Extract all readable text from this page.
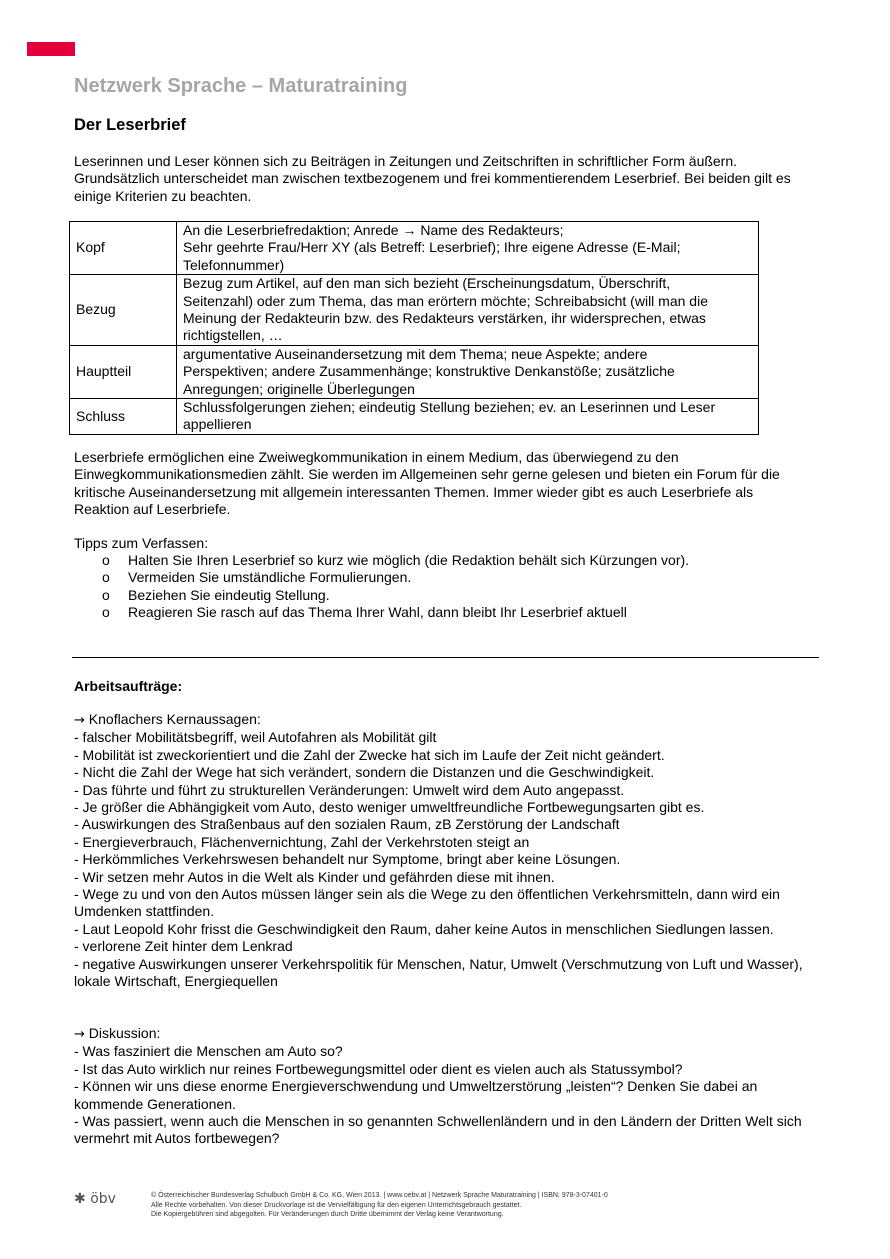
Netzwerk Sprache – Maturatraining
Der Leserbrief
Leserinnen und Leser können sich zu Beiträgen in Zeitungen und Zeitschriften in schriftlicher Form äußern. Grundsätzlich unterscheidet man zwischen textbezogenem und frei kommentierendem Leserbrief. Bei beiden gilt es einige Kriterien zu beachten.
Kopf	An die Leserbriefredaktion; Anrede → Name des Redakteurs;
Sehr geehrte Frau/Herr XY (als Betreff: Leserbrief); Ihre eigene Adresse (E-Mail;
Telefonnummer)

Bezug	Bezug zum Artikel, auf den man sich bezieht (Erscheinungsdatum, Überschrift,
Seitenzahl) oder zum Thema, das man erörtern möchte; Schreibabsicht (will man die
Meinung der Redakteurin bzw. des Redakteurs verstärken, ihr widersprechen, etwas
richtigstellen, …

Hauptteil	argumentative Auseinandersetzung mit dem Thema; neue Aspekte; andere
Perspektiven; andere Zusammenhänge; konstruktive Denkanstöße; zusätzliche
Anregungen; originelle Überlegungen

Schluss	Schlussfolgerungen ziehen; eindeutig Stellung beziehen; ev. an Leserinnen und Leser
appellieren
Leserbriefe ermöglichen eine Zweiwegkommunikation in einem Medium, das überwiegend zu den Einwegkommunikationsmedien zählt. Sie werden im Allgemeinen sehr gerne gelesen und bieten ein Forum für die kritische Auseinandersetzung mit allgemein interessanten Themen. Immer wieder gibt es auch Leserbriefe als Reaktion auf Leserbriefe.
Tipps zum Verfassen:
o Halten Sie Ihren Leserbrief so kurz wie möglich (die Redaktion behält sich Kürzungen vor).
o Vermeiden Sie umständliche Formulierungen.
o Beziehen Sie eindeutig Stellung.
o Reagieren Sie rasch auf das Thema Ihrer Wahl, dann bleibt Ihr Leserbrief aktuell
Arbeitsaufträge:
→ Knoflachers Kernaussagen:
- falscher Mobilitätsbegriff, weil Autofahren als Mobilität gilt
- Mobilität ist zweckorientiert und die Zahl der Zwecke hat sich im Laufe der Zeit nicht geändert.
- Nicht die Zahl der Wege hat sich verändert, sondern die Distanzen und die Geschwindigkeit.
- Das führte und führt zu strukturellen Veränderungen: Umwelt wird dem Auto angepasst.
- Je größer die Abhängigkeit vom Auto, desto weniger umweltfreundliche Fortbewegungsarten gibt es.
- Auswirkungen des Straßenbaus auf den sozialen Raum, zB Zerstörung der Landschaft
- Energieverbrauch, Flächenvernichtung, Zahl der Verkehrstoten steigt an
- Herkömmliches Verkehrswesen behandelt nur Symptome, bringt aber keine Lösungen.
- Wir setzen mehr Autos in die Welt als Kinder und gefährden diese mit ihnen.
- Wege zu und von den Autos müssen länger sein als die Wege zu den öffentlichen Verkehrsmitteln, dann wird ein Umdenken stattfinden.
- Laut Leopold Kohr frisst die Geschwindigkeit den Raum, daher keine Autos in menschlichen Siedlungen lassen.
- verlorene Zeit hinter dem Lenkrad
- negative Auswirkungen unserer Verkehrspolitik für Menschen, Natur, Umwelt (Verschmutzung von Luft und Wasser), lokale Wirtschaft, Energiequellen
→ Diskussion:
- Was fasziniert die Menschen am Auto so?
- Ist das Auto wirklich nur reines Fortbewegungsmittel oder dient es vielen auch als Statussymbol?
- Können wir uns diese enorme Energieverschwendung und Umweltzerstörung „leisten“? Denken Sie dabei an kommende Generationen.
- Was passiert, wenn auch die Menschen in so genannten Schwellenländern und in den Ländern der Dritten Welt sich vermehrt mit Autos fortbewegen?
✱ öbv	© Österreichischer Bundesverlag Schulbuch GmbH & Co. KG, Wien 2013. | www.oebv.at | Netzwerk Sprache Maturatraining | ISBN: 978-3-07401-0
Alle Rechte vorbehalten. Von dieser Druckvorlage ist die Vervielfältigung für den eigenen Unterrichtsgebrauch gestattet.
Die Kopiergebühren sind abgegolten. Für Veränderungen durch Dritte übernimmt der Verlag keine Verantwortung.
